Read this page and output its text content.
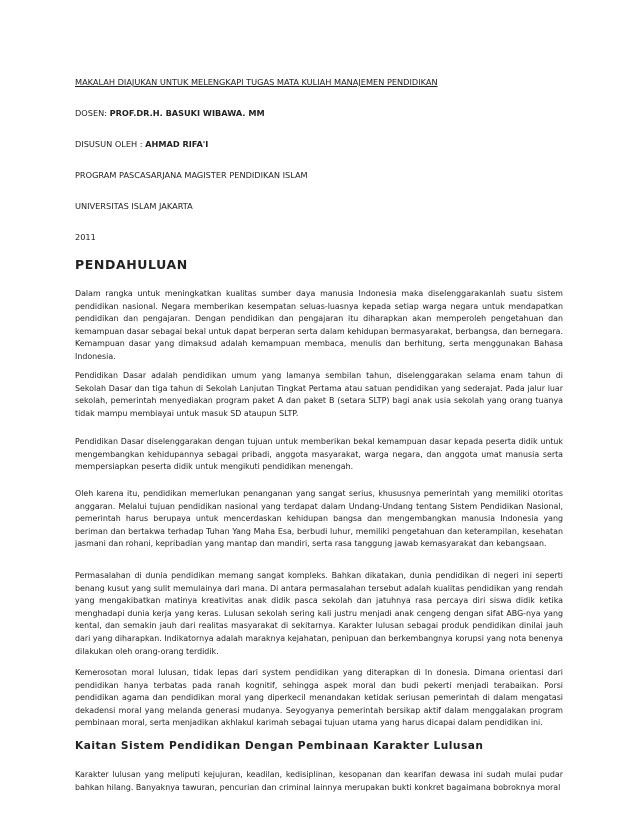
MAKALAH DIAJUKAN UNTUK MELENGKAPI TUGAS MATA KULIAH MANAJEMEN PENDIDIKAN

DOSEN: PROF.DR.H. BASUKI WIBAWA. MM

DISUSUN OLEH : AHMAD RIFA'I

PROGRAM PASCASARJANA MAGISTER PENDIDIKAN ISLAM

UNIVERSITAS ISLAM JAKARTA

2011

PENDAHULUAN

Dalam rangka untuk meningkatkan kualitas sumber daya manusia Indonesia maka diselenggarakanlah suatu sistem pendidikan nasional. Negara memberikan kesempatan seluas-luasnya kepada setiap warga negara untuk mendapatkan pendidikan dan pengajaran. Dengan pendidikan dan pengajaran itu diharapkan akan memperoleh pengetahuan dan kemampuan dasar sebagai bekal untuk dapat berperan serta dalam kehidupan bermasyarakat, berbangsa, dan bernegara. Kemampuan dasar yang dimaksud adalah kemampuan membaca, menulis dan berhitung, serta menggunakan Bahasa Indonesia.

Pendidikan Dasar adalah pendidikan umum yang lamanya sembilan tahun, diselenggarakan selama enam tahun di Sekolah Dasar dan tiga tahun di Sekolah Lanjutan Tingkat Pertama atau satuan pendidikan yang sederajat. Pada jalur luar sekolah, pemerintah menyediakan program paket A dan paket B (setara SLTP) bagi anak usia sekolah yang orang tuanya tidak mampu membiayai untuk masuk SD ataupun SLTP.

Pendidikan Dasar diselenggarakan dengan tujuan untuk memberikan bekal kemampuan dasar kepada peserta didik untuk mengembangkan kehidupannya sebagai pribadi, anggota masyarakat, warga negara, dan anggota umat manusia serta mempersiapkan peserta didik untuk mengikuti pendidikan menengah.

Oleh karena itu, pendidikan memerlukan penanganan yang sangat serius, khususnya pemerintah yang memiliki otoritas anggaran. Melalui tujuan pendidikan nasional yang terdapat dalam Undang-Undang tentang Sistem Pendidikan Nasional, pemerintah harus berupaya untuk mencerdaskan kehidupan bangsa dan mengembangkan manusia Indonesia yang beriman dan bertakwa terhadap Tuhan Yang Maha Esa, berbudi luhur, memiliki pengetahuan dan keterampilan, kesehatan jasmani dan rohani, kepribadian yang mantap dan mandiri, serta rasa tanggung jawab kemasyarakat dan kebangsaan.

Permasalahan di dunia pendidikan memang sangat kompleks. Bahkan dikatakan, dunia pendidikan di negeri ini seperti benang kusut yang sulit memulainya dari mana. Di antara permasalahan tersebut adalah kualitas pendidikan yang rendah yang mengakibatkan matinya kreativitas anak didik pasca sekolah dan jatuhnya rasa percaya diri siswa didik ketika menghadapi dunia kerja yang keras. Lulusan sekolah sering kali justru menjadi anak cengeng dengan sifat ABG-nya yang kental, dan semakin jauh dari realitas masyarakat di sekitarnya. Karakter lulusan sebagai produk pendidikan dinilai jauh dari yang diharapkan. Indikatornya adalah maraknya kejahatan, penipuan dan berkembangnya korupsi yang nota benenya dilakukan oleh orang-orang terdidik.

Kemerosotan moral lulusan, tidak lepas dari system pendidikan yang diterapkan di In donesia. Dimana orientasi dari pendidikan hanya terbatas pada ranah kognitif, sehingga aspek moral dan budi pekerti menjadi terabaikan. Porsi pendidikan agama dan pendidikan moral yang diperkecil menandakan ketidak seriusan pemerintah di dalam mengatasi dekadensi moral yang melanda generasi mudanya. Seyogyanya pemerintah bersikap aktif dalam menggalakan program pembinaan moral, serta menjadikan akhlakul karimah sebagai tujuan utama yang harus dicapai dalam pendidikan ini.

Kaitan Sistem Pendidikan Dengan Pembinaan Karakter Lulusan

Karakter lulusan yang meliputi kejujuran, keadilan, kedisiplinan, kesopanan dan kearifan dewasa ini sudah mulai pudar bahkan hilang. Banyaknya tawuran, pencurian dan criminal lainnya merupakan bukti konkret bagaimana bobroknya moral
